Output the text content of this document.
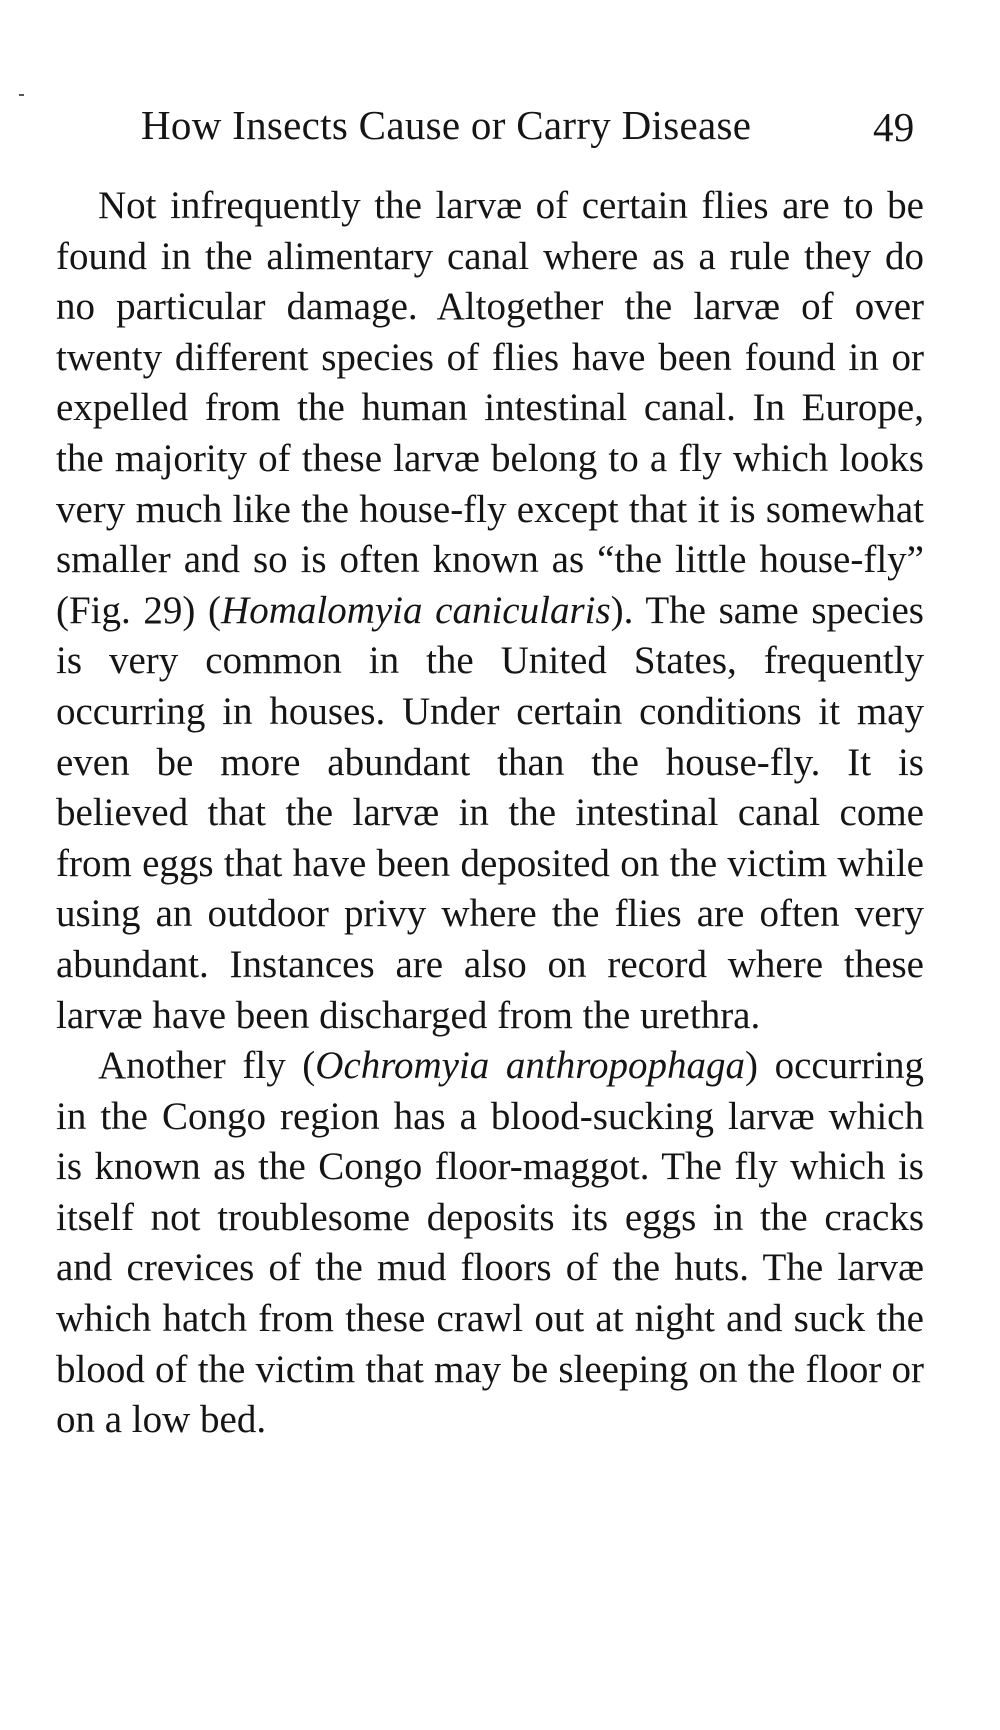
How Insects Cause or Carry Disease	49

Not infrequently the larvæ of certain flies are to be found in the alimentary canal where as a rule they do no particular damage. Altogether the larvæ of over twenty different species of flies have been found in or expelled from the human intestinal canal. In Europe, the majority of these larvæ belong to a fly which looks very much like the house-fly except that it is somewhat smaller and so is often known as “the little house-fly” (Fig. 29) (Homalomyia canicularis). The same species is very common in the United States, frequently occurring in houses. Under certain conditions it may even be more abundant than the house-fly. It is believed that the larvæ in the intestinal canal come from eggs that have been deposited on the victim while using an outdoor privy where the flies are often very abundant. Instances are also on record where these larvæ have been discharged from the urethra.

Another fly (Ochromyia anthropophaga) occurring in the Congo region has a blood-sucking larvæ which is known as the Congo floor-maggot. The fly which is itself not troublesome deposits its eggs in the cracks and crevices of the mud floors of the huts. The larvæ which hatch from these crawl out at night and suck the blood of the victim that may be sleeping on the floor or on a low bed.
